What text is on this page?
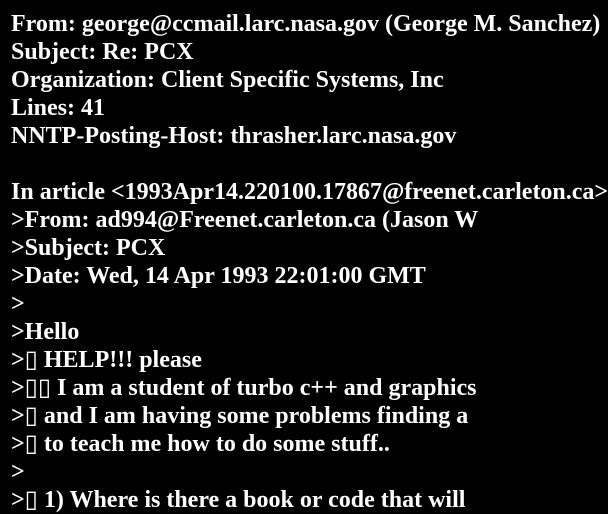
From: george@ccmail.larc.nasa.gov (George M. Sanchez)
Subject: Re: PCX
Organization: Client Specific Systems, Inc
Lines: 41
NNTP-Posting-Host: thrasher.larc.nasa.gov
In article <1993Apr14.220100.17867@freenet.carleton.ca>
>From: ad994@Freenet.carleton.ca (Jason W
>Subject: PCX
>Date: Wed, 14 Apr 1993 22:01:00 GMT
>
>Hello
>▯ HELP!!! please
>▯▯ I am a student of turbo c++ and graphics
>▯ and I am having some problems finding a
>▯ to teach me how to do some stuff..
>
>▯ 1) Where is there a book or code that will
